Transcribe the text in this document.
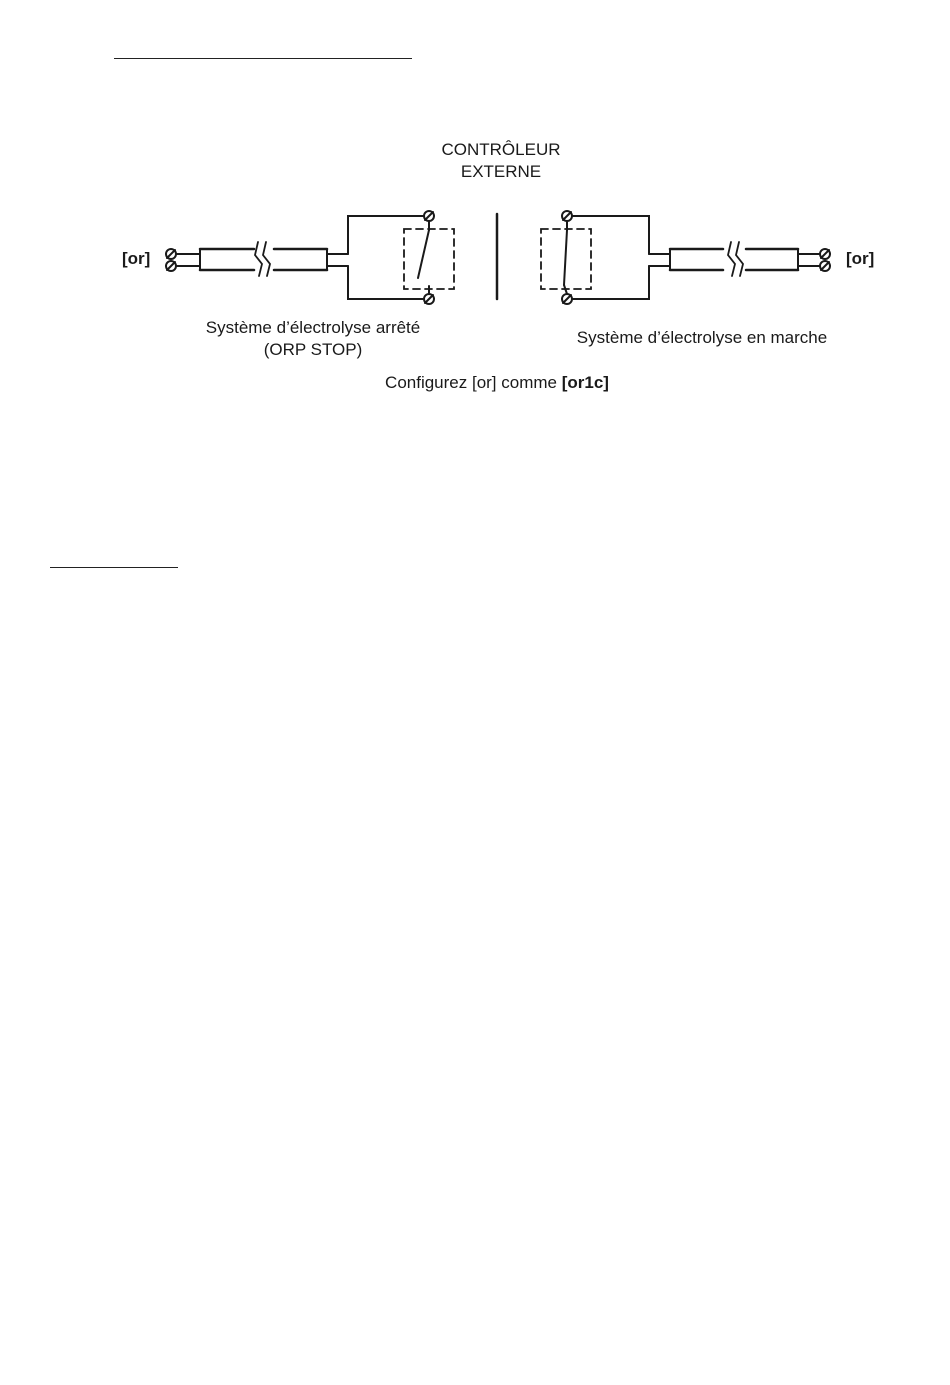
CONTRÔLEUR
EXTERNE
[or]	[or]
Système d’électrolyse arrêté
(ORP STOP)
Système d’électrolyse en marche
Configurez [or] comme [or1c]
